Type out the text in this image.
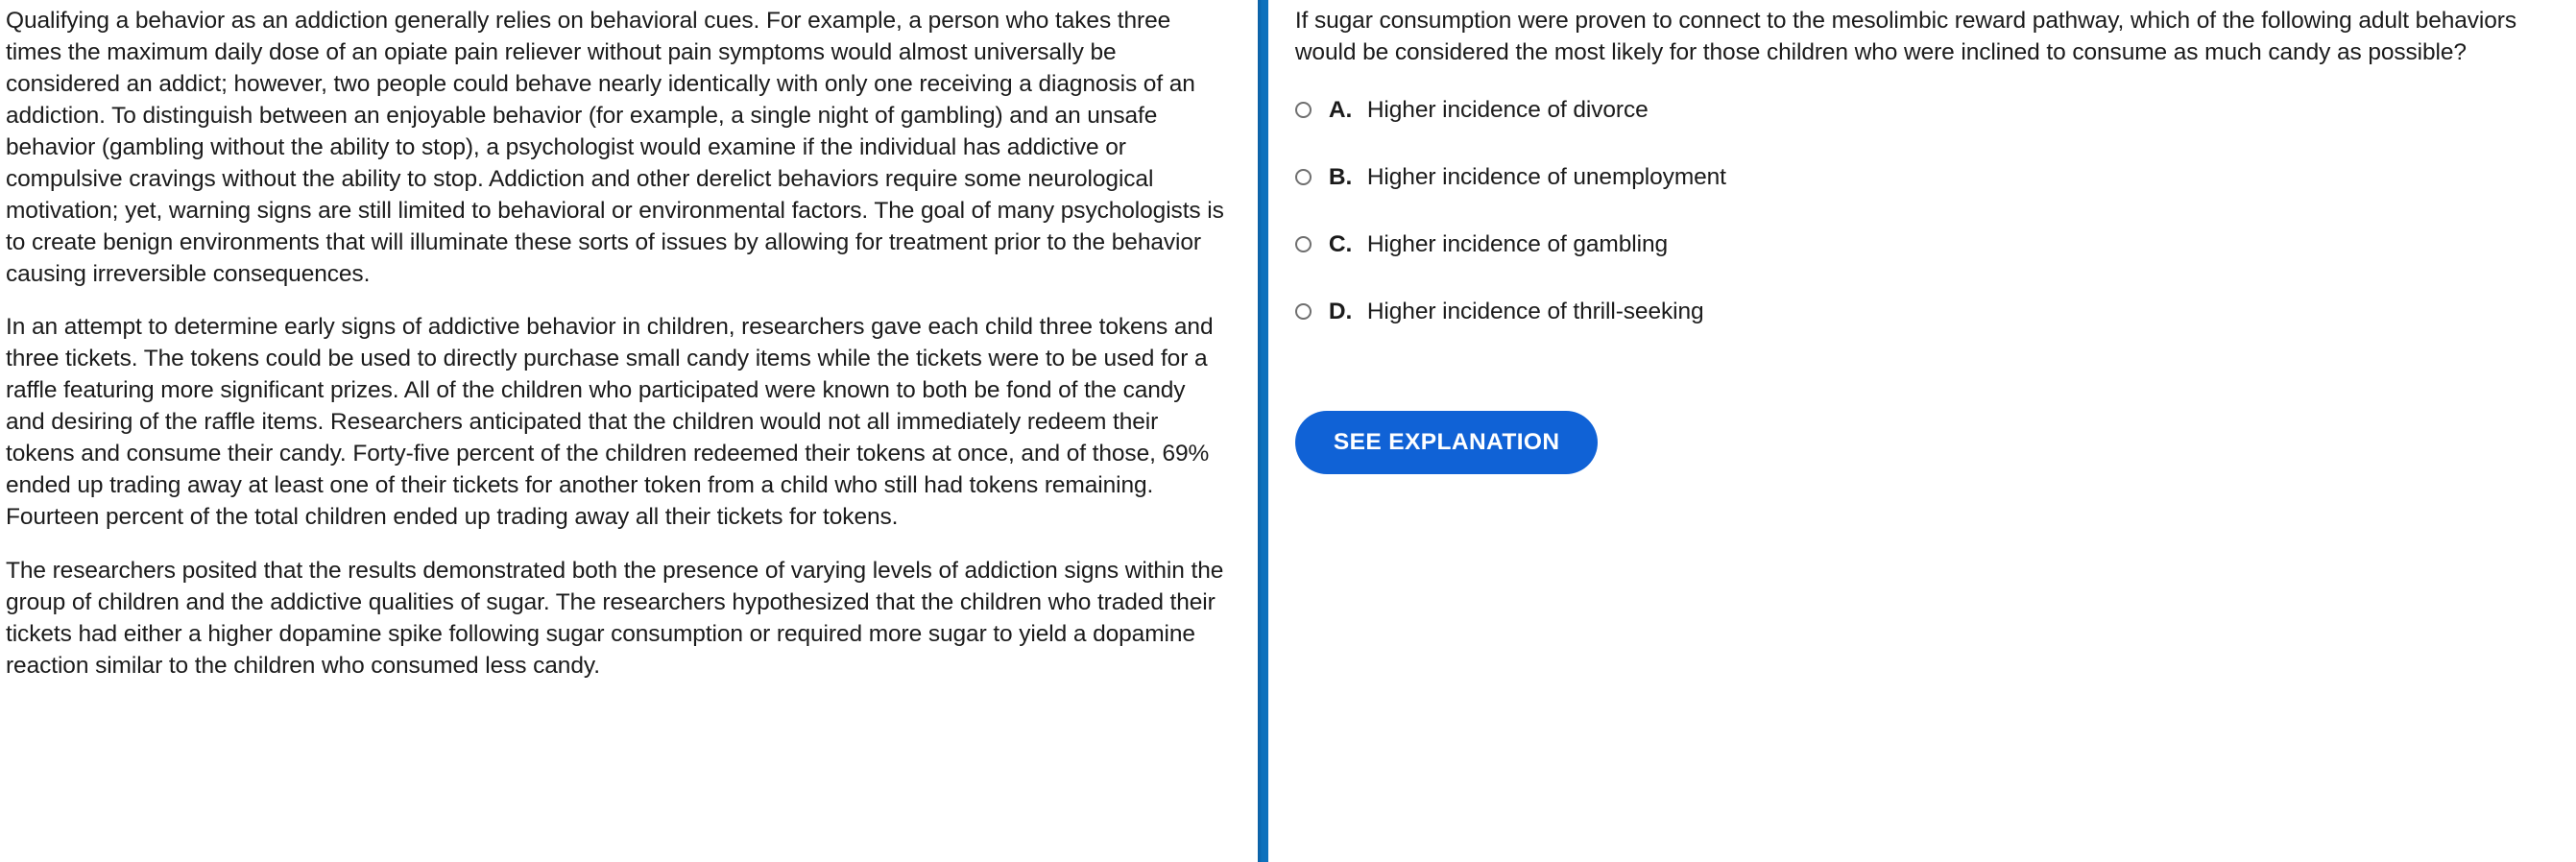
Qualifying a behavior as an addiction generally relies on behavioral cues. For example, a person who takes three times the maximum daily dose of an opiate pain reliever without pain symptoms would almost universally be considered an addict; however, two people could behave nearly identically with only one receiving a diagnosis of an addiction. To distinguish between an enjoyable behavior (for example, a single night of gambling) and an unsafe behavior (gambling without the ability to stop), a psychologist would examine if the individual has addictive or compulsive cravings without the ability to stop. Addiction and other derelict behaviors require some neurological motivation; yet, warning signs are still limited to behavioral or environmental factors. The goal of many psychologists is to create benign environments that will illuminate these sorts of issues by allowing for treatment prior to the behavior causing irreversible consequences.

In an attempt to determine early signs of addictive behavior in children, researchers gave each child three tokens and three tickets. The tokens could be used to directly purchase small candy items while the tickets were to be used for a raffle featuring more significant prizes. All of the children who participated were known to both be fond of the candy and desiring of the raffle items. Researchers anticipated that the children would not all immediately redeem their tokens and consume their candy. Forty-five percent of the children redeemed their tokens at once, and of those, 69% ended up trading away at least one of their tickets for another token from a child who still had tokens remaining. Fourteen percent of the total children ended up trading away all their tickets for tokens.

The researchers posited that the results demonstrated both the presence of varying levels of addiction signs within the group of children and the addictive qualities of sugar. The researchers hypothesized that the children who traded their tickets had either a higher dopamine spike following sugar consumption or required more sugar to yield a dopamine reaction similar to the children who consumed less candy.

If sugar consumption were proven to connect to the mesolimbic reward pathway, which of the following adult behaviors would be considered the most likely for those children who were inclined to consume as much candy as possible?

A. Higher incidence of divorce
B. Higher incidence of unemployment
C. Higher incidence of gambling
D. Higher incidence of thrill-seeking
SEE EXPLANATION
